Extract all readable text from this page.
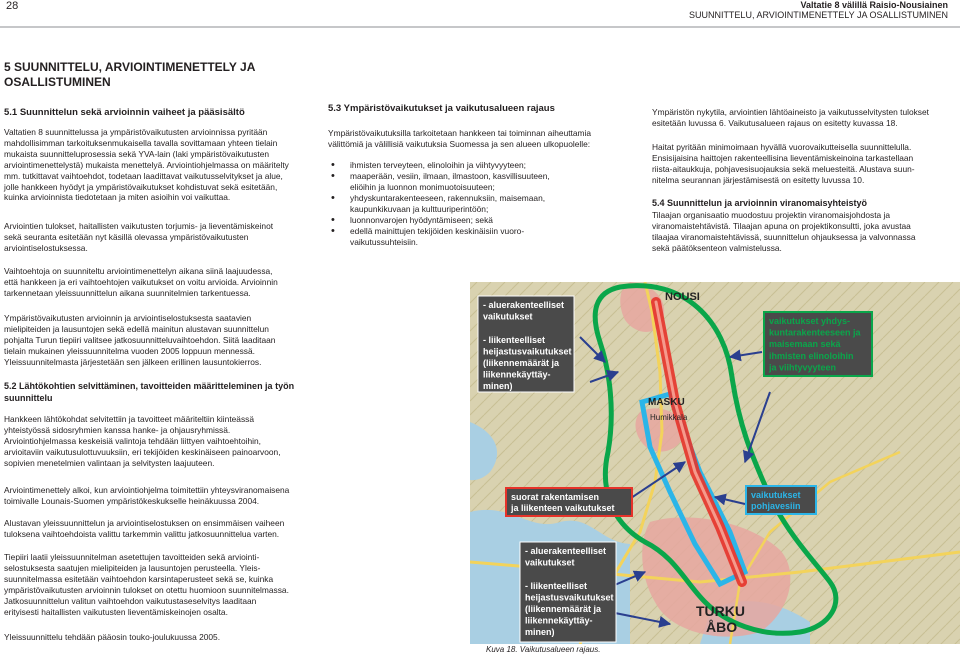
28	Valtatie 8 välillä Raisio-Nousiainen
SUUNNITTELU, ARVIOINTIMENETTELY JA OSALLISTUMINEN
5 SUUNNITTELU, ARVIOINTIMENETTELY JA OSALLISTUMINEN
5.1 Suunnittelun sekä arvioinnin vaiheet ja pääsisältö
Valtatien 8 suunnittelussa ja ympäristövaikutusten arvioinnissa pyritään
mahdollisimman tarkoituksenmukaisella tavalla sovittamaan yhteen tielain
mukaista suunnitteluprosessia sekä YVA-lain (laki ympäristövaikutusten
arviointimenettelystä) mukaista menettelyä. Arviointiohjelmassa on määritelty
mm. tutkittavat vaihtoehdot, todetaan laadittavat vaikutusselvitykset ja alue,
jolle hankkeen hyödyt ja ympäristövaikutukset kohdistuvat sekä esitetään,
kuinka arvioinnista tiedotetaan ja miten asioihin voi vaikuttaa.
Arviointien tulokset, haitallisten vaikutusten torjumis- ja lieventämiskeinot
sekä seuranta esitetään nyt käsillä olevassa ympäristövaikutusten
arviointiselostuksessa.
Vaihtoehtoja on suunniteltu arviointimenettelyn aikana siinä laajuudessa,
että hankkeen ja eri vaihtoehtojen vaikutukset on voitu arvioida. Arvioinnin
tarkennetaan yleissuunnittelun aikana suunnitelmien tarkentuessa.
Ympäristövaikutusten arvioinnin ja arviointiselostuksesta saatavien
mielipiteiden ja lausuntojen sekä edellä mainitun alustavan suunnittelun
pohjalta Turun tiepiiri valitsee jatkosuunnitteluvaihtoehdon. Siitä laaditaan
tielain mukainen yleissuunnitelma vuoden 2005 loppuun mennessä.
Yleissuunnitelmasta järjestetään sen jälkeen erillinen lausuntokierros.
5.2 Lähtökohtien selvittäminen, tavoitteiden määritteleminen ja työn
suunnittelu
Hankkeen lähtökohdat selvitettiin ja tavoitteet määriteltiin kiinteässä
yhteistyössä sidosryhmien kanssa hanke- ja ohjausryhmissä.
Arviointiohjelmassa keskeisiä valintoja tehdään liittyen vaihtoehtoihin,
arvioitaviin vaikutusulottuvuuksiin, eri tekijöiden keskinäiseen painoarvoon,
sopivien menetelmien valintaan ja selvitysten laajuuteen.
Arviointimenettely alkoi, kun arviointiohjelma toimitettiin yhteysviranomaisena
toimivalle Lounais-Suomen ympäristökeskukselle heinäkuussa 2004.
Alustavan yleissuunnittelun ja arviointiselostuksen on ensimmäisen vaiheen
tuloksena vaihtoehdoista valittu tarkemmin valittu jatkosuunnittelua varten.
Tiepiiri laatii yleissuunnitelman asetettujen tavoitteiden sekä arviointi-
selostuksesta saatujen mielipiteiden ja lausuntojen perusteella. Yleis-
suunnitelmassa esitetään vaihtoehdon karsintaperusteet sekä se, kuinka
ympäristövaikutusten arvioinnin tulokset on otettu huomioon suunnitelmassa.
Jatkosuunnittelun valitun vaihtoehdon vaikutustaseselvitys laaditaan
erityisesti haitallisten vaikutusten lieventämiskeinojen osalta.
Yleissuunnittelu tehdään pääosin touko-joulukuussa 2005.
5.3 Ympäristövaikutukset ja vaikutusalueen rajaus
Ympäristövaikutuksilla tarkoitetaan hankkeen tai toiminnan aiheuttamia
välittömiä ja välillisiä vaikutuksia Suomessa ja sen alueen ulkopuolelle:
• ihmisten terveyteen, elinoloihin ja viihtyvyyteen;
• maaperään, vesiin, ilmaan, ilmastoon, kasvillisuuteen,
eliöihin ja luonnon monimuotoisuuteen;
• yhdyskuntarakenteeseen, rakennuksiin, maisemaan,
kaupunkikuvaan ja kulttuuriperintöön;
• luonnonvarojen hyödyntämiseen; sekä
• edellä mainittujen tekijöiden keskinäisiin vuoro-
vaikutussuhteisiin.
Ympäristön nykytila, arviointien lähtöaineisto ja vaikutusselvitysten tulokset
esitetään luvussa 6. Vaikutusalueen rajaus on esitetty kuvassa 18.
Haitat pyritään minimoimaan hyvällä vuorovaikutteisella suunnittelulla.
Ensisijaisina haittojen rakenteellisina lieventämiskeinoina tarkastellaan
riista-aitaukkuja, pohjavesisuojauksia sekä meluesteitä. Alustava suun-
nitelma seurannan järjestämisestä on esitetty luvussa 10.
5.4 Suunnittelun ja arvioinnin viranomaisyhteistyö
Tilaajan organisaatio muodostuu projektin viranomaisjohdosta ja
viranomaistehtävistä. Tilaajan apuna on projektikonsultti, joka avustaa
tilaajaa viranomaistehtävissä, suunnittelun ohjauksessa ja valvonnassa
sekä päätöksenteon valmistelussa.
NOUSI
MASKU
Humikkala
TURKU
ÅBO
- aluerakenteelliset
vaikutukset
- liikenteelliset
heijastusvaikutukset
(liikennemäärät ja
liikennekäyttäy-
minen)
vaikutukset yhdys-
kuntarakenteeseen ja
maisemaan sekä
ihmisten elinoloihin
ja viihtyvyyteen
suorat rakentamisen
ja liikenteen vaikutukset
vaikutukset
pohjavesiin
- aluerakenteelliset
vaikutukset
- liikenteelliset
heijastusvaikutukset
(liikennemäärät ja
liikennekäyttäy-
minen)
Kuva 18. Vaikutusalueen rajaus.
